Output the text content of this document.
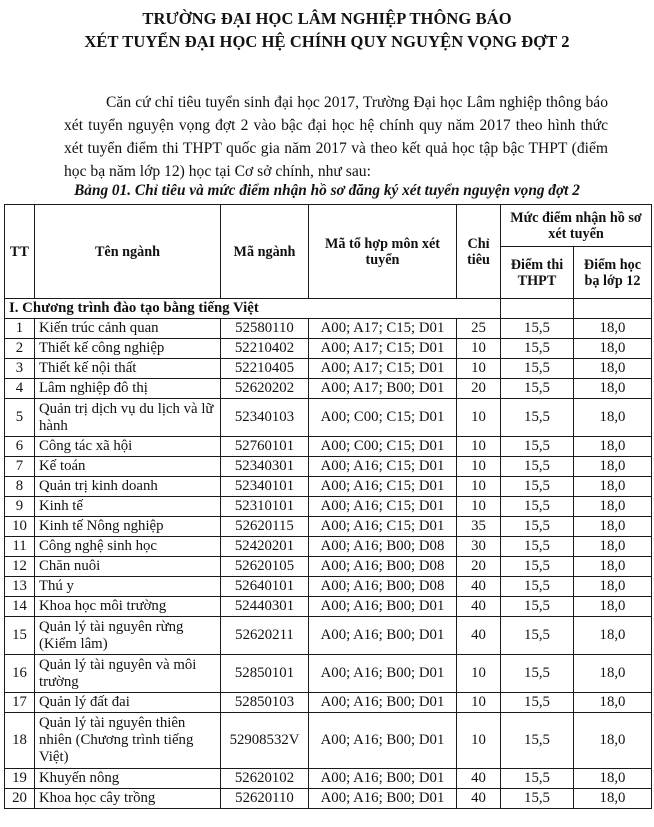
TRƯỜNG ĐẠI HỌC LÂM NGHIỆP THÔNG BÁO
XÉT TUYỂN ĐẠI HỌC HỆ CHÍNH QUY NGUYỆN VỌNG ĐỢT 2
Căn cứ chỉ tiêu tuyển sinh đại học 2017, Trường Đại học Lâm nghiệp thông báo xét tuyển nguyện vọng đợt 2 vào bậc đại học hệ chính quy năm 2017 theo hình thức xét tuyển điểm thi THPT quốc gia năm 2017 và theo kết quả học tập bậc THPT (điểm học bạ năm lớp 12) học tại Cơ sở chính, như sau:
Bảng 01. Chỉ tiêu và mức điểm nhận hồ sơ đăng ký xét tuyển nguyện vọng đợt 2
TT	Tên ngành	Mã ngành	Mã tổ hợp môn xét tuyển	Chỉ tiêu	Mức điểm nhận hồ sơ xét tuyển	
					Điểm thi THPT	Điểm học bạ lớp 12
I. Chương trình đào tạo bằng tiếng Việt						
1	Kiến trúc cảnh quan	52580110	A00; A17; C15; D01	25	15,5	18,0
2	Thiết kế công nghiệp	52210402	A00; A17; C15; D01	10	15,5	18,0
3	Thiết kế nội thất	52210405	A00; A17; C15; D01	10	15,5	18,0
4	Lâm nghiệp đô thị	52620202	A00; A17; B00; D01	20	15,5	18,0
5	Quản trị dịch vụ du lịch và lữ hành	52340103	A00; C00; C15; D01	10	15,5	18,0
6	Công tác xã hội	52760101	A00; C00; C15; D01	10	15,5	18,0
7	Kế toán	52340301	A00; A16; C15; D01	10	15,5	18,0
8	Quản trị kinh doanh	52340101	A00; A16; C15; D01	10	15,5	18,0
9	Kinh tế	52310101	A00; A16; C15; D01	10	15,5	18,0
10	Kinh tế Nông nghiệp	52620115	A00; A16; C15; D01	35	15,5	18,0
11	Công nghệ sinh học	52420201	A00; A16; B00; D08	30	15,5	18,0
12	Chăn nuôi	52620105	A00; A16; B00; D08	20	15,5	18,0
13	Thú y	52640101	A00; A16; B00; D08	40	15,5	18,0
14	Khoa học môi trường	52440301	A00; A16; B00; D01	40	15,5	18,0
15	Quản lý tài nguyên rừng (Kiểm lâm)	52620211	A00; A16; B00; D01	40	15,5	18,0
16	Quản lý tài nguyên và môi trường	52850101	A00; A16; B00; D01	10	15,5	18,0
17	Quản lý đất đai	52850103	A00; A16; B00; D01	10	15,5	18,0
18	Quản lý tài nguyên thiên nhiên (Chương trình tiếng Việt)	52908532V	A00; A16; B00; D01	10	15,5	18,0
19	Khuyến nông	52620102	A00; A16; B00; D01	40	15,5	18,0
20	Khoa học cây trồng	52620110	A00; A16; B00; D01	40	15,5	18,0
